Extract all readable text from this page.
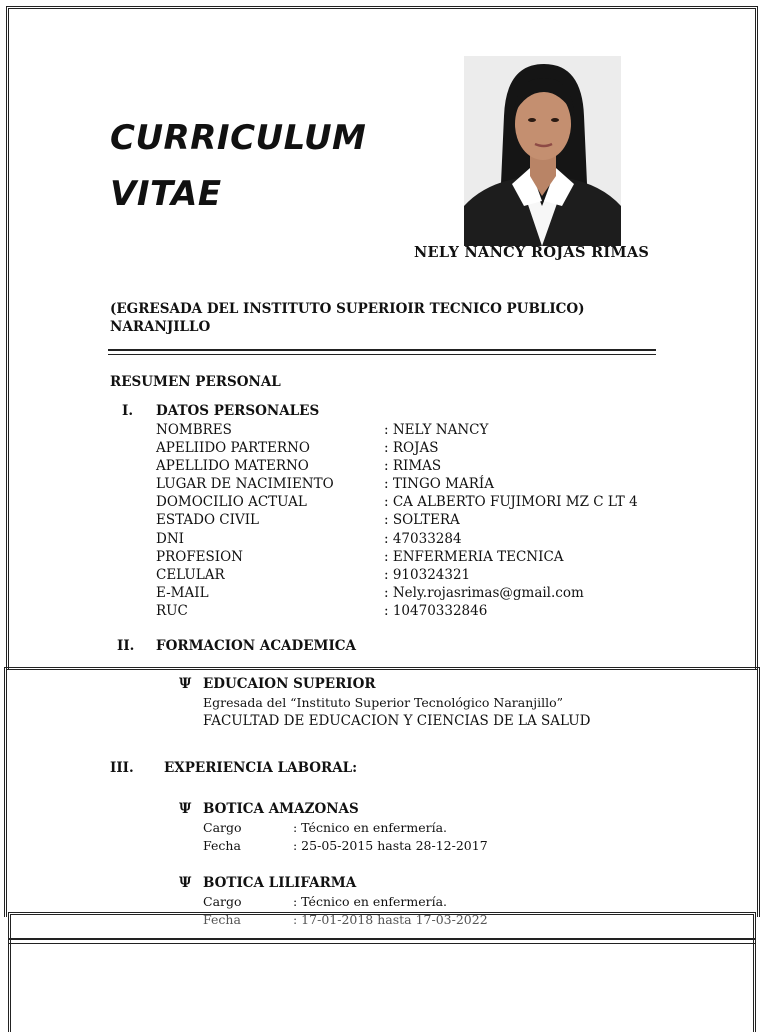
CURRICULUM
VITAE
NELY NANCY ROJAS RIMAS
(EGRESADA DEL INSTITUTO SUPERIOIR TECNICO PUBLICO)
NARANJILLO
RESUMEN PERSONAL
I. DATOS PERSONALES
NOMBRES	: NELY NANCY
APELIIDO PARTERNO	: ROJAS
APELLIDO MATERNO	: RIMAS
LUGAR DE NACIMIENTO	: TINGO MARÍA
DOMOCILIO ACTUAL	: CA ALBERTO FUJIMORI MZ C LT 4
ESTADO CIVIL	: SOLTERA
DNI	: 47033284
PROFESION	: ENFERMERIA TECNICA
CELULAR	: 910324321
E-MAIL	: Nely.rojasrimas@gmail.com
RUC	: 10470332846
II. FORMACION ACADEMICA
Ψ EDUCAION SUPERIOR
Egresada del “Instituto Superior Tecnológico Naranjillo”
FACULTAD DE EDUCACION Y CIENCIAS DE LA SALUD
III. EXPERIENCIA LABORAL:
Ψ BOTICA AMAZONAS
Cargo	: Técnico en enfermería.
Fecha	: 25-05-2015 hasta 28-12-2017
Ψ BOTICA LILIFARMA
Cargo	: Técnico en enfermería.
Fecha	: 17-01-2018 hasta 17-03-2022
